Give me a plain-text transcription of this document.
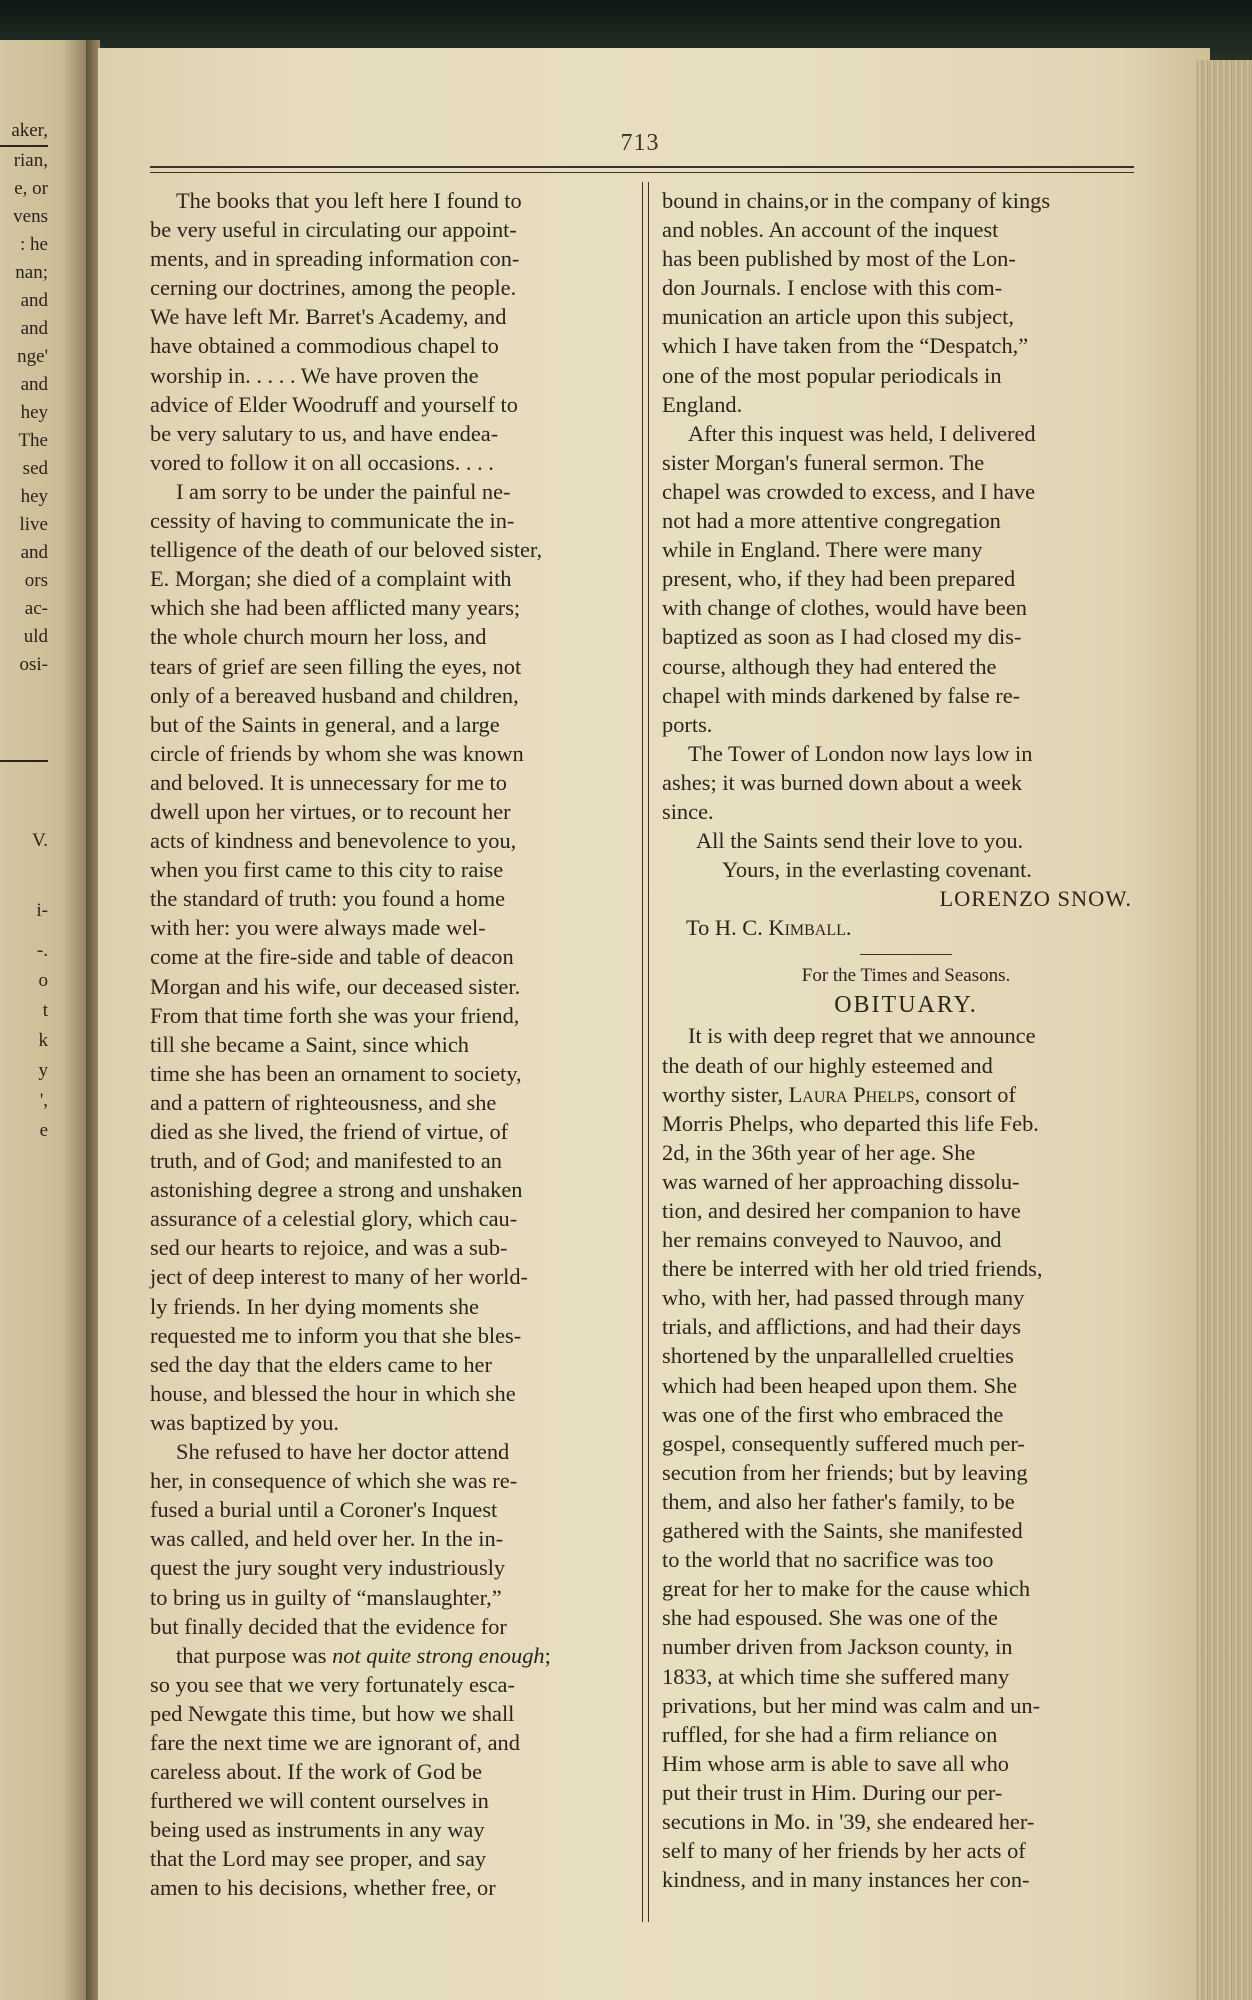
aker,
rian,
e, or
vens
: he
nan;
and
and
nge'
and
hey
The
sed
hey
live
and
ors
ac-
uld
osi-
V.
i-
-.
o
t
k
y
',
e
713

The books that you left here I found to
be very useful in circulating our appoint-
ments, and in spreading information con-
cerning our doctrines, among the people.
We have left Mr. Barret's Academy, and
have obtained a commodious chapel to
worship in. . . . . We have proven the
advice of Elder Woodruff and yourself to
be very salutary to us, and have endea-
vored to follow it on all occasions. . . .

I am sorry to be under the painful ne-
cessity of having to communicate the in-
telligence of the death of our beloved sister,
E. Morgan; she died of a complaint with
which she had been afflicted many years;
the whole church mourn her loss, and
tears of grief are seen filling the eyes, not
only of a bereaved husband and children,
but of the Saints in general, and a large
circle of friends by whom she was known
and beloved. It is unnecessary for me to
dwell upon her virtues, or to recount her
acts of kindness and benevolence to you,
when you first came to this city to raise
the standard of truth: you found a home
with her: you were always made wel-
come at the fire-side and table of deacon
Morgan and his wife, our deceased sister.
From that time forth she was your friend,
till she became a Saint, since which
time she has been an ornament to society,
and a pattern of righteousness, and she
died as she lived, the friend of virtue, of
truth, and of God; and manifested to an
astonishing degree a strong and unshaken
assurance of a celestial glory, which cau-
sed our hearts to rejoice, and was a sub-
ject of deep interest to many of her world-
ly friends. In her dying moments she
requested me to inform you that she bles-
sed the day that the elders came to her
house, and blessed the hour in which she
was baptized by you.

She refused to have her doctor attend
her, in consequence of which she was re-
fused a burial until a Coroner's Inquest
was called, and held over her. In the in-
quest the jury sought very industriously
to bring us in guilty of “manslaughter,”
but finally decided that the evidence for
that purpose was not quite strong enough;
so you see that we very fortunately esca-
ped Newgate this time, but how we shall
fare the next time we are ignorant of, and
careless about. If the work of God be
furthered we will content ourselves in
being used as instruments in any way
that the Lord may see proper, and say
amen to his decisions, whether free, or

bound in chains,or in the company of kings
and nobles. An account of the inquest
has been published by most of the Lon-
don Journals. I enclose with this com-
munication an article upon this subject,
which I have taken from the “Despatch,”
one of the most popular periodicals in
England.

After this inquest was held, I delivered
sister Morgan's funeral sermon. The
chapel was crowded to excess, and I have
not had a more attentive congregation
while in England. There were many
present, who, if they had been prepared
with change of clothes, would have been
baptized as soon as I had closed my dis-
course, although they had entered the
chapel with minds darkened by false re-
ports.

The Tower of London now lays low in
ashes; it was burned down about a week
since.

All the Saints send their love to you.
Yours, in the everlasting covenant.
LORENZO SNOW.
To H. C. Kimball.
For the Times and Seasons.
OBITUARY.

It is with deep regret that we announce
the death of our highly esteemed and
worthy sister, Laura Phelps, consort of
Morris Phelps, who departed this life Feb.
2d, in the 36th year of her age. She
was warned of her approaching dissolu-
tion, and desired her companion to have
her remains conveyed to Nauvoo, and
there be interred with her old tried friends,
who, with her, had passed through many
trials, and afflictions, and had their days
shortened by the unparallelled cruelties
which had been heaped upon them. She
was one of the first who embraced the
gospel, consequently suffered much per-
secution from her friends; but by leaving
them, and also her father's family, to be
gathered with the Saints, she manifested
to the world that no sacrifice was too
great for her to make for the cause which
she had espoused. She was one of the
number driven from Jackson county, in
1833, at which time she suffered many
privations, but her mind was calm and un-
ruffled, for she had a firm reliance on
Him whose arm is able to save all who
put their trust in Him. During our per-
secutions in Mo. in '39, she endeared her-
self to many of her friends by her acts of
kindness, and in many instances her con-
